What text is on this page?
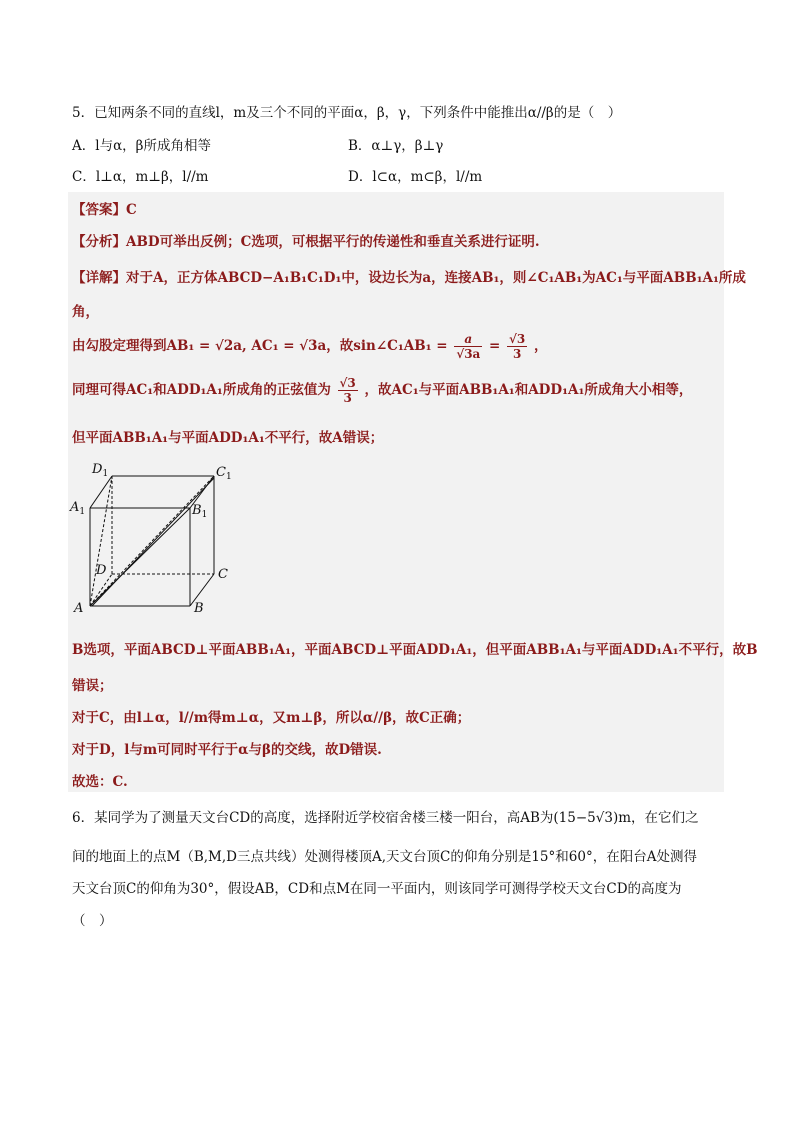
5．已知两条不同的直线l，m及三个不同的平面α，β，γ，下列条件中能推出α//β的是（　）
A．l与α，β所成角相等	B．α⊥γ，β⊥γ
C．l⊥α，m⊥β，l//m	D．l⊂α，m⊂β，l//m
【答案】C
【分析】ABD可举出反例；C选项，可根据平行的传递性和垂直关系进行证明.
【详解】对于A，正方体ABCD−A₁B₁C₁D₁中，设边长为a，连接AB₁，则∠C₁AB₁为AC₁与平面ABB₁A₁所成
角，
由勾股定理得到AB₁ = √2a, AC₁ = √3a，故sin∠C₁AB₁ = $\frac{a}{√3a} = \frac{√3}{3}$ ，
同理可得AC₁和ADD₁A₁所成角的正弦值为 $\frac{√3}{3}$ ，故AC₁与平面ABB₁A₁和ADD₁A₁所成角大小相等，
但平面ABB₁A₁与平面ADD₁A₁不平行，故A错误；
$D_1$	$C_1$
$A_1$	$B_1$
D	C
A	B
B选项，平面ABCD⊥平面ABB₁A₁，平面ABCD⊥平面ADD₁A₁，但平面ABB₁A₁与平面ADD₁A₁不平行，故B
错误；
对于C，由l⊥α，l//m得m⊥α，又m⊥β，所以α//β，故C正确；
对于D，l与m可同时平行于α与β的交线，故D错误.
故选：C.
6．某同学为了测量天文台CD的高度，选择附近学校宿舍楼三楼一阳台，高AB为(15−5√3)m，在它们之
间的地面上的点M（B,M,D三点共线）处测得楼顶A,天文台顶C的仰角分别是15°和60°，在阳台A处测得
天文台顶C的仰角为30°，假设AB，CD和点M在同一平面内，则该同学可测得学校天文台CD的高度为
（　）
